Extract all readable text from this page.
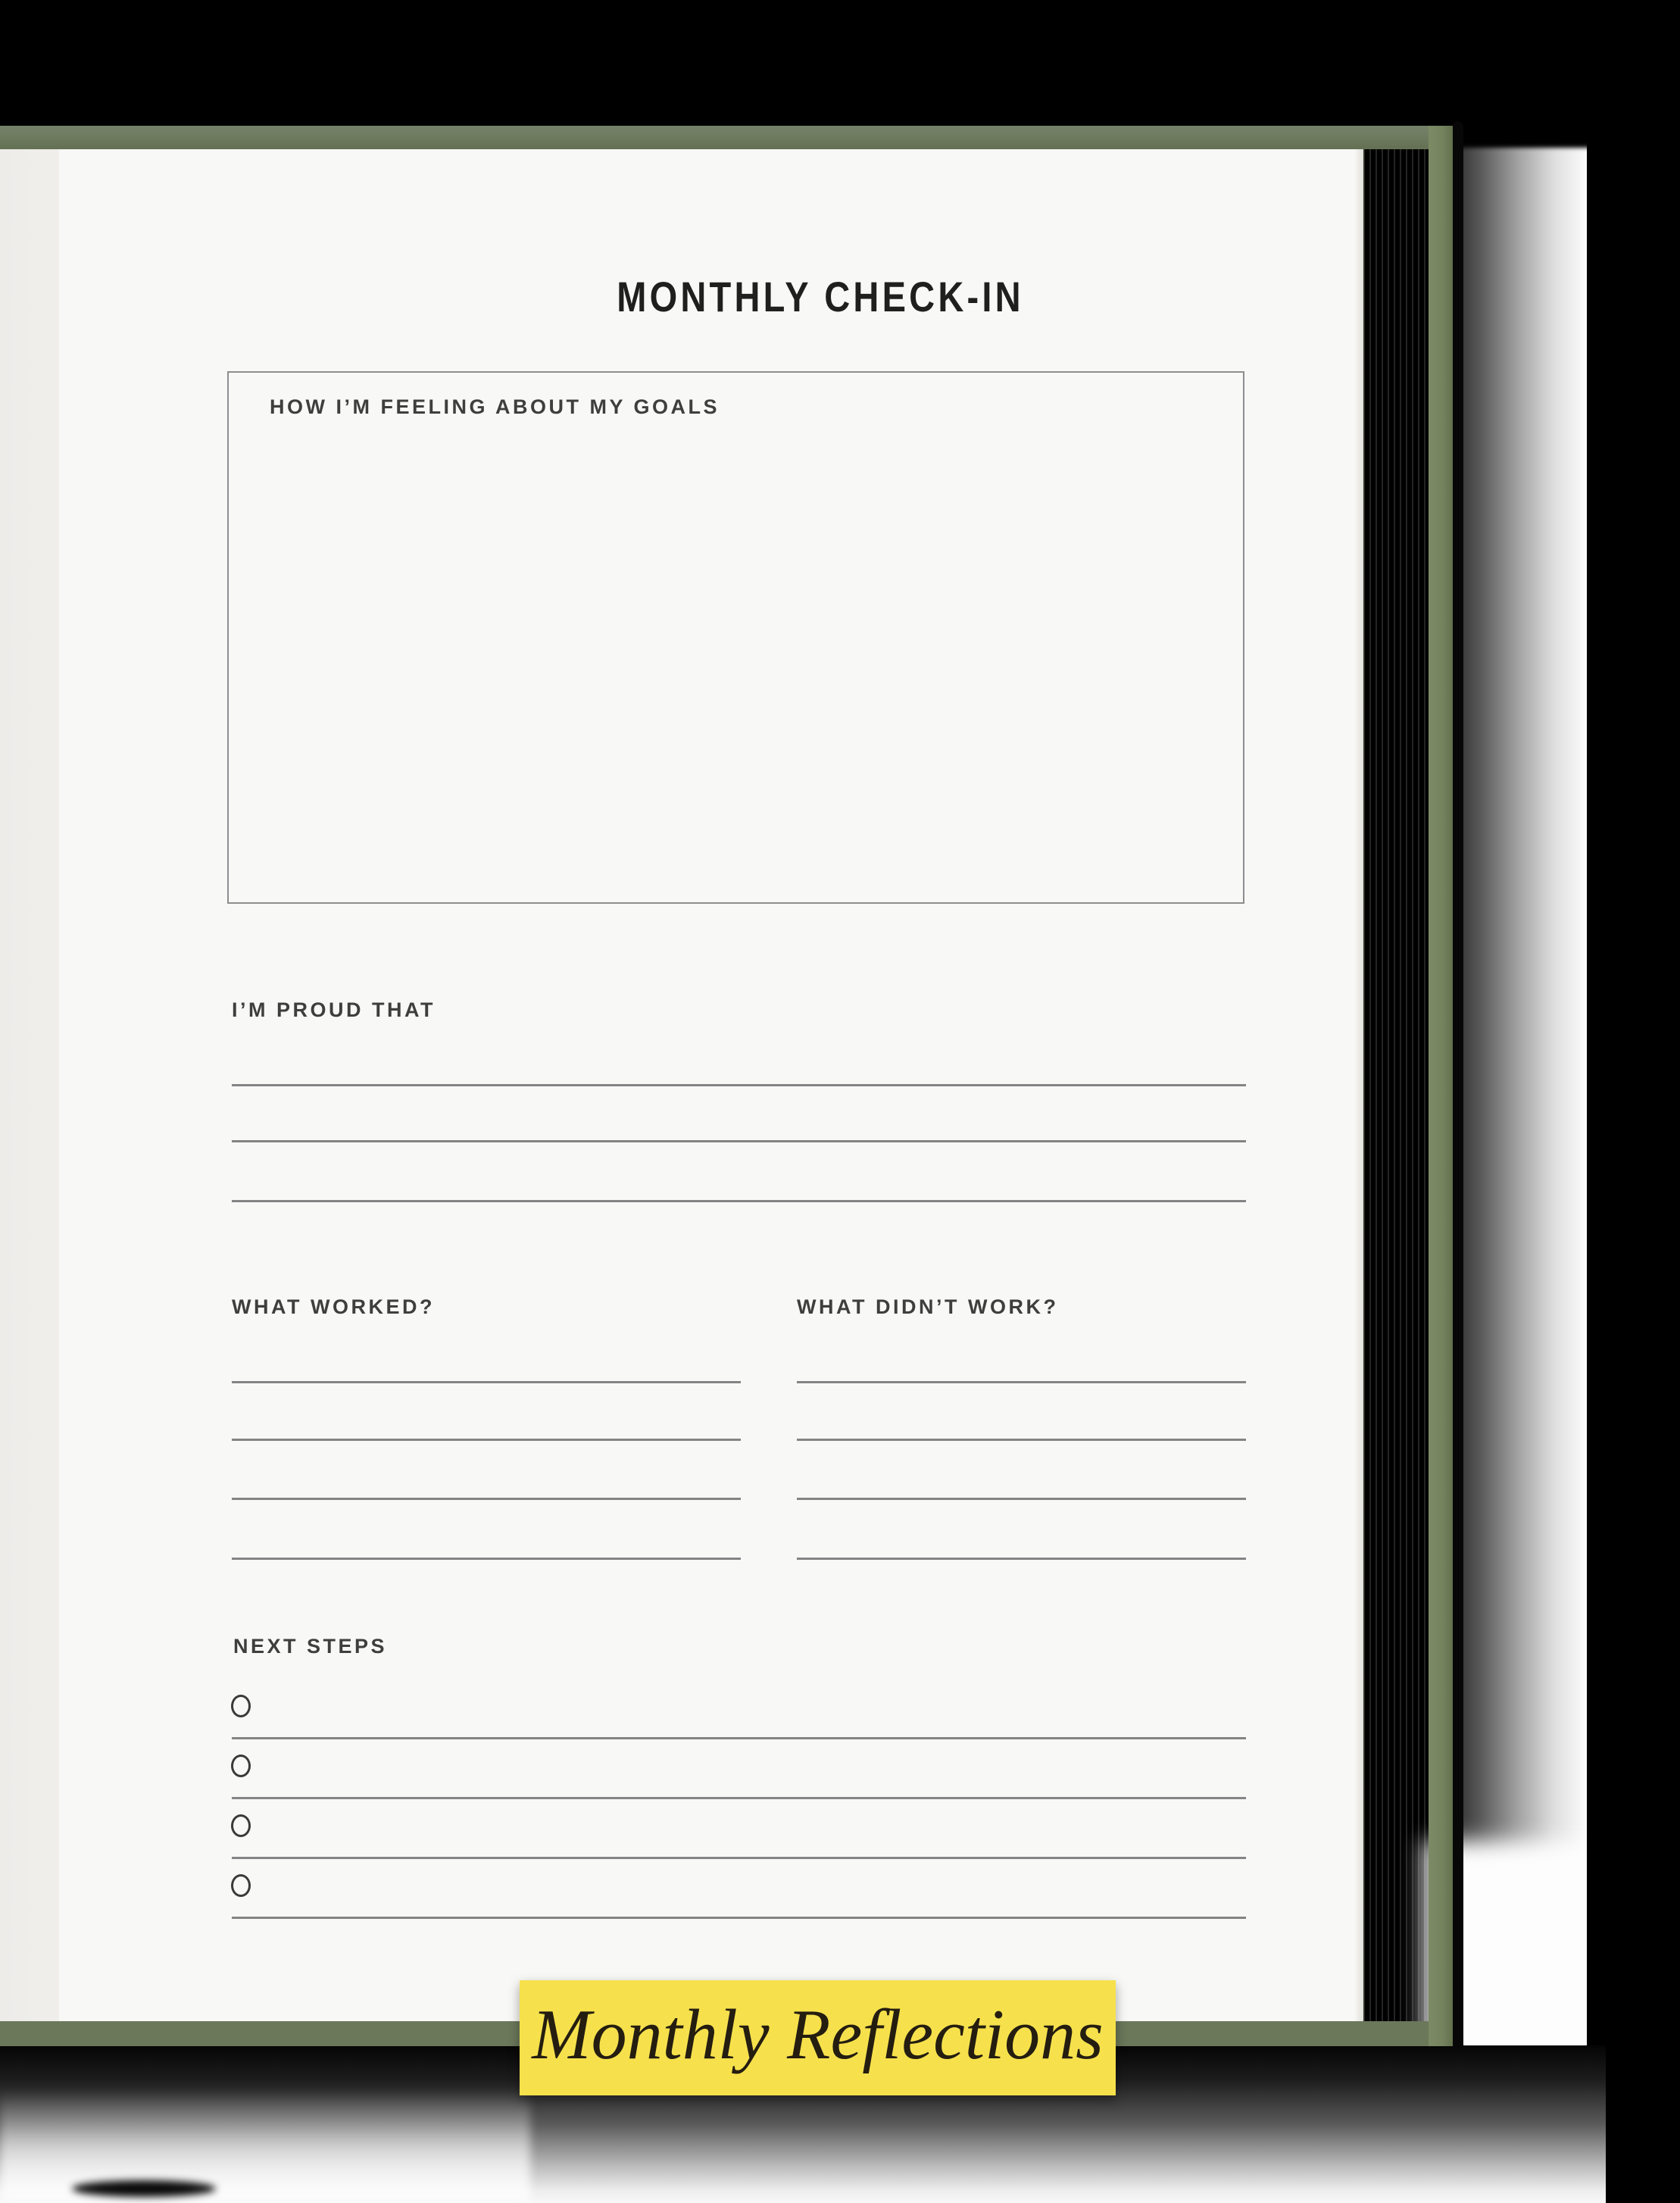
MONTHLY CHECK-IN
HOW I’M FEELING ABOUT MY GOALS
I’M PROUD THAT
WHAT WORKED?	WHAT DIDN’T WORK?
NEXT STEPS
Monthly Reflections
